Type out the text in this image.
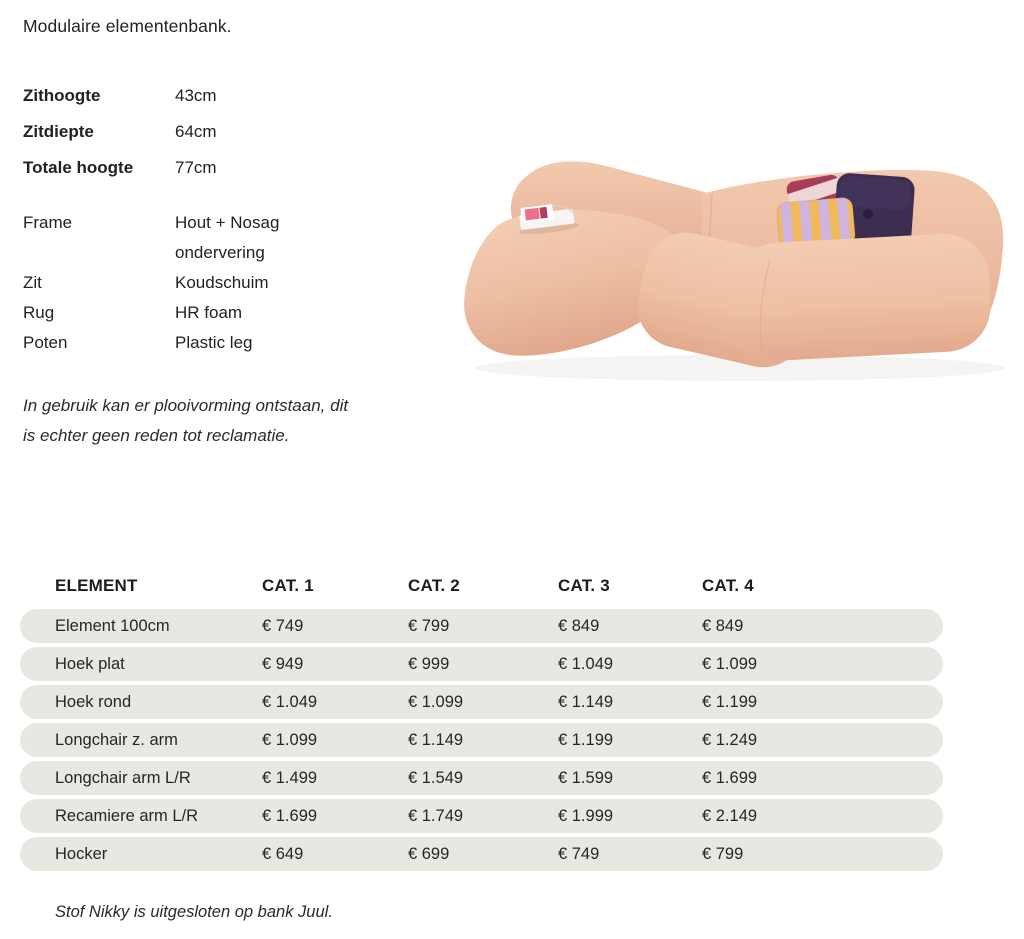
Modulaire elementenbank.
Zithoogte	43cm
Zitdiepte	64cm
Totale hoogte	77cm
Frame	Hout + Nosag ondervering
Zit	Koudschuim
Rug	HR foam
Poten	Plastic leg

In gebruik kan er plooivorming ontstaan, dit is echter geen reden tot reclamatie.

ELEMENT	CAT. 1	CAT. 2	CAT. 3	CAT. 4
Element 100cm	€ 749	€ 799	€ 849	€ 849
Hoek plat	€ 949	€ 999	€ 1.049	€ 1.099
Hoek rond	€ 1.049	€ 1.099	€ 1.149	€ 1.199
Longchair z. arm	€ 1.099	€ 1.149	€ 1.199	€ 1.249
Longchair arm L/R	€ 1.499	€ 1.549	€ 1.599	€ 1.699
Recamiere arm L/R	€ 1.699	€ 1.749	€ 1.999	€ 2.149
Hocker	€ 649	€ 699	€ 749	€ 799

Stof Nikky is uitgesloten op bank Juul.
